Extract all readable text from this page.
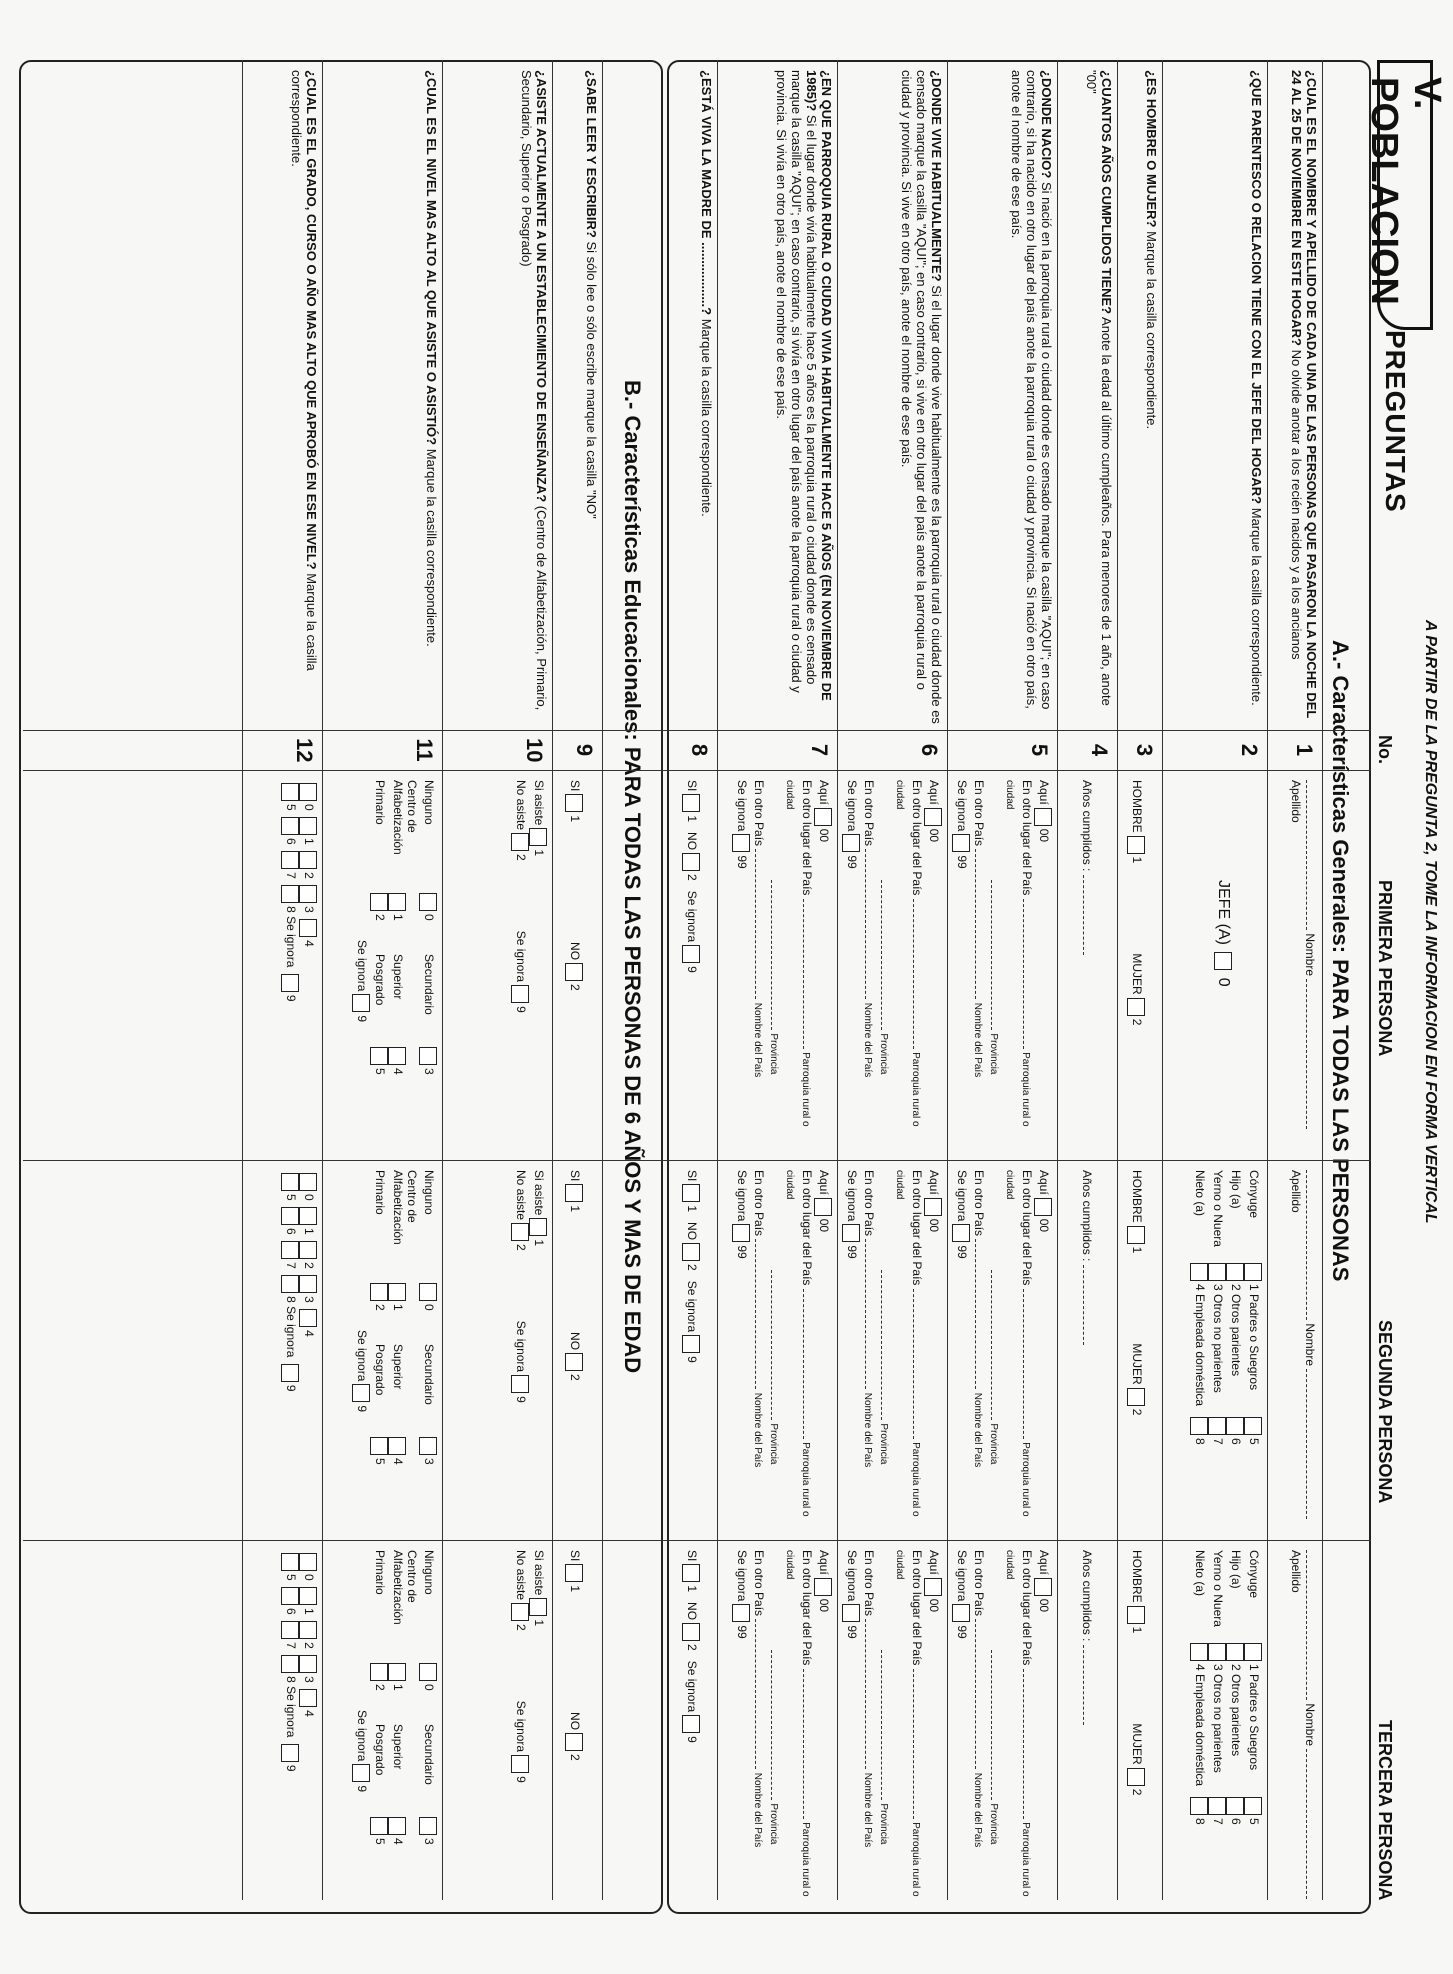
V. POBLACION
PREGUNTAS
A PARTIR DE LA PREGUNTA 2, TOME LA INFORMACION EN FORMA VERTICAL
No.
PRIMERA PERSONA
SEGUNDA PERSONA
TERCERA PERSONA
A.- Características Generales: PARA TODAS LAS PERSONAS
B.- Características Educacionales: PARA TODAS LAS PERSONAS DE 6 AÑOS Y MAS DE EDAD	¿CUAL ES EL NOMBRE Y APELLIDO DE CADA UNA DE LAS PERSONAS QUE PASARON LA NOCHE DEL 24 AL 25 DE NOVIEMBRE EN ESTE HOGAR? No olvide anotar a los recién nacidos y a los ancianos
1
Nombre  Apellido
Nombre  Apellido
Nombre  Apellido
¿QUE PARENTESCO O RELACION TIENE CON EL JEFE DEL HOGAR? Marque la casilla correspondiente.
2
JEFE (A)  0
Cónyuge1 Padres o Suegros5
Hijo (a)2 Otros parientes6
Yerno o Nuera3 Otros no parientes7
Nieto (a)4 Empleada doméstica8
Cónyuge1 Padres o Suegros5
Hijo (a)2 Otros parientes6
Yerno o Nuera3 Otros no parientes7
Nieto (a)4 Empleada doméstica8
¿ES HOMBRE O MUJER? Marque la casilla correspondiente.
3
HOMBRE1MUJER2
HOMBRE1MUJER2
HOMBRE1MUJER2
¿CUANTOS AÑOS CUMPLIDOS TIENE? Anote la edad al último cumpleaños. Para menores de 1 año, anote "00"
4
Años cumplidos :
Años cumplidos :
Años cumplidos :
¿DONDE NACIO? Si nació en la parroquia rural o ciudad donde es censado marque la casilla "AQUI"; en caso contrario, si ha nacido en otro lugar del país anote la parroquia rural o ciudad y provincia. Si nació en otro país, anote el nombre de ese país.
5
Aquí00
En otro lugar del País  Parroquia rural o ciudad
Provincia
En otro País  Nombre del País
Se ignora99
Aquí00
En otro lugar del País  Parroquia rural o ciudad
Provincia
En otro País  Nombre del País
Se ignora99
Aquí00
En otro lugar del País  Parroquia rural o ciudad
Provincia
En otro País  Nombre del País
Se ignora99
¿DONDE VIVE HABITUALMENTE? Si el lugar donde vive habitualmente es la parroquia rural o ciudad donde es censado marque la casilla "AQUI"; en caso contrario, si vive en otro lugar del país anote la parroquia rural o ciudad y provincia. Si vive en otro país, anote el nombre de ese país.
6
Aquí00
En otro lugar del País  Parroquia rural o ciudad
Provincia
En otro País  Nombre del País
Se ignora99
Aquí00
En otro lugar del País  Parroquia rural o ciudad
Provincia
En otro País  Nombre del País
Se ignora99
Aquí00
En otro lugar del País  Parroquia rural o ciudad
Provincia
En otro País  Nombre del País
Se ignora99
¿EN QUE PARROQUIA RURAL O CIUDAD VIVIA HABITUALMENTE HACE 5 AÑOS (EN NOVIEMBRE DE 1985)? Si el lugar donde vivía habitualmente hace 5 años es la parroquia rural o ciudad donde es censado marque la casilla "AQUI"; en caso contrario, si vivía en otro lugar del país anote la parroquia rural o ciudad y provincia. Si vivía en otro país, anote el nombre de ese país.
7
Aquí00
En otro lugar del País  Parroquia rural o ciudad
Provincia
En otro País  Nombre del País
Se ignora99
Aquí00
En otro lugar del País  Parroquia rural o ciudad
Provincia
En otro País  Nombre del País
Se ignora99
Aquí00
En otro lugar del País  Parroquia rural o ciudad
Provincia
En otro País  Nombre del País
Se ignora99
¿ESTÁ VIVA LA MADRE DE ..................? Marque la casilla correspondiente.
8
SI1   NO2   Se ignora9
SI1   NO2   Se ignora9
SI1   NO2   Se ignora9
¿SABE LEER Y ESCRIBIR? Si sólo lee o sólo escribe marque la casilla "NO"
9
SI1NO2
SI1NO2
SI1NO2
¿ASISTE ACTUALMENTE A UN ESTABLECIMIENTO DE ENSEÑANZA? (Centro de Alfabetización, Primario, Secundario, Superior o Posgrado)
10
Si asiste1
No asiste2Se ignora9
Si asiste1
No asiste2Se ignora9
Si asiste1
No asiste2Se ignora9
¿CUAL ES EL NIVEL MAS ALTO AL QUE ASISTE O ASISTIÓ? Marque la casilla correspondiente.
11
Ninguno0 Secundario3
Centro de Alfabetización1 Superior4
Primario2 Posgrado5
Se ignora9
Ninguno0 Secundario3
Centro de Alfabetización1 Superior4
Primario2 Posgrado5
Se ignora9
Ninguno0 Secundario3
Centro de Alfabetización1 Superior4
Primario2 Posgrado5
Se ignora9
¿CUAL ES EL GRADO, CURSO O AÑO MAS ALTO QUE APROBÓ EN ESE NIVEL? Marque la casilla correspondiente.
12
0 1 2 3 4
5 6 7 8 Se ignora 9
0 1 2 3 4
5 6 7 8 Se ignora 9
0 1 2 3 4
5 6 7 8 Se ignora 9
